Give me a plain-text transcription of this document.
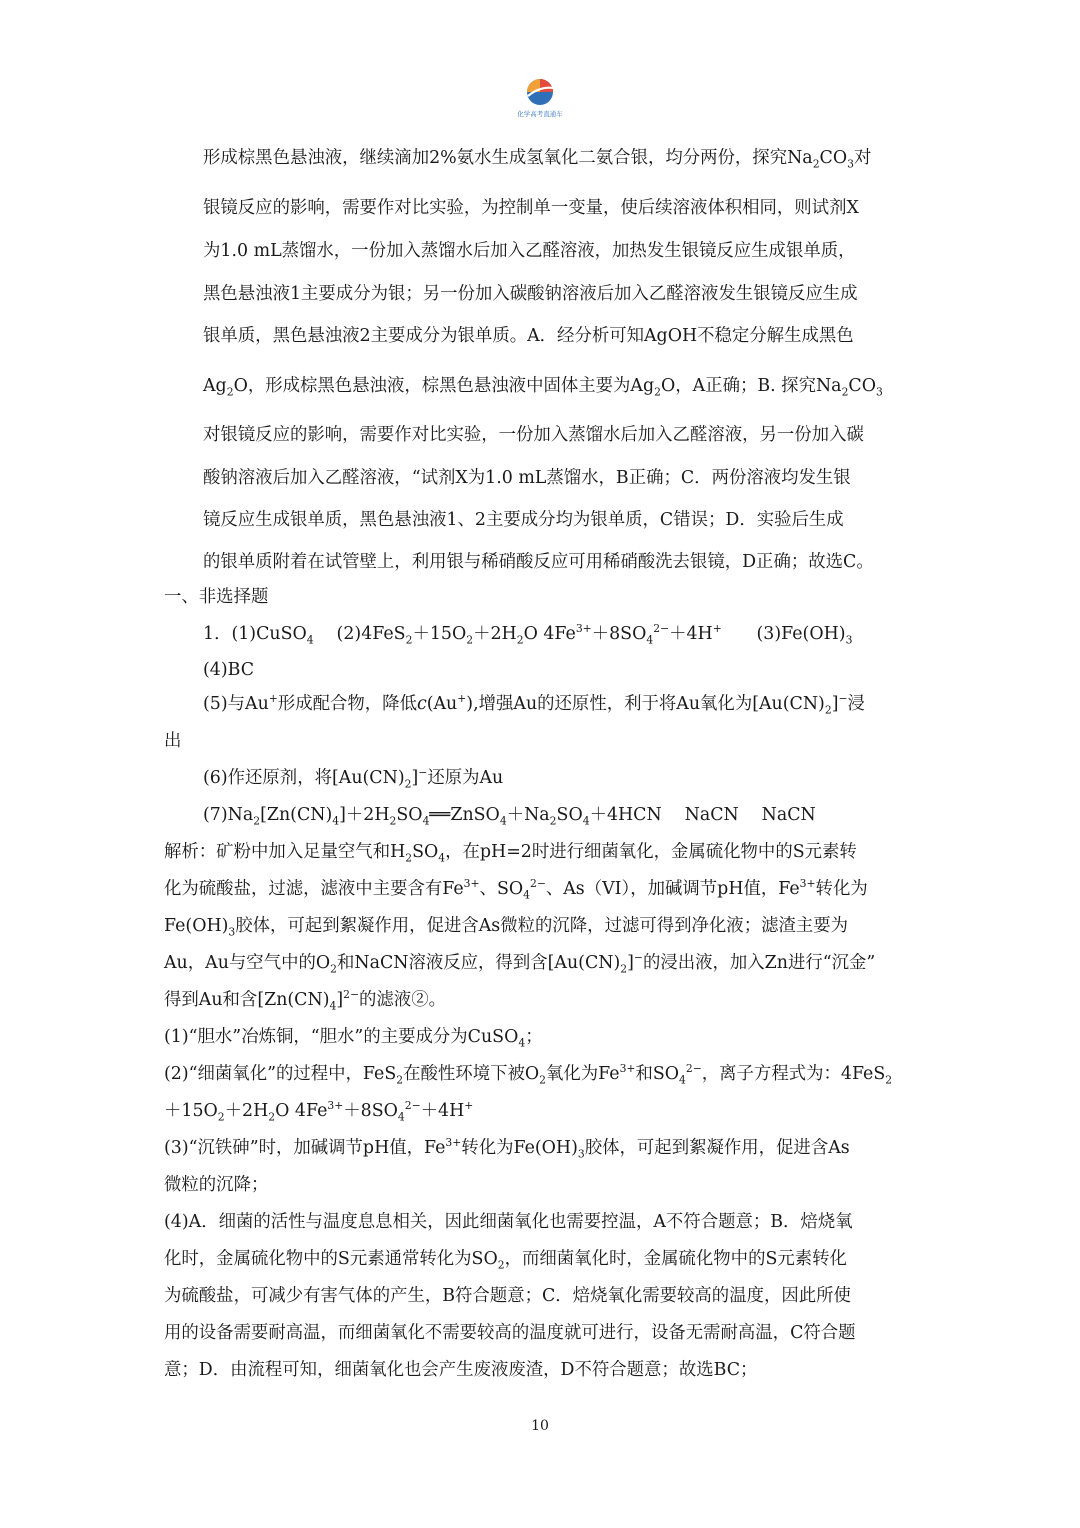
化学高考直通车
形成棕黑色悬浊液，继续滴加2%氨水生成氢氧化二氨合银，均分两份，探究$Na_2CO_3$对
银镜反应的影响，需要作对比实验，为控制单一变量，使后续溶液体积相同，则试剂X
为1.0 mL蒸馏水，一份加入蒸馏水后加入乙醛溶液，加热发生银镜反应生成银单质，
黑色悬浊液1主要成分为银；另一份加入碳酸钠溶液后加入乙醛溶液发生银镜反应生成
银单质，黑色悬浊液2主要成分为银单质。A．经分析可知AgOH不稳定分解生成黑色
$Ag_2O$，形成棕黑色悬浊液，棕黑色悬浊液中固体主要为$Ag_2O$，A正确；B. 探究$Na_2CO_3$
对银镜反应的影响，需要作对比实验，一份加入蒸馏水后加入乙醛溶液，另一份加入碳
酸钠溶液后加入乙醛溶液，“试剂X为1.0 mL蒸馏水，B正确；C．两份溶液均发生银
镜反应生成银单质，黑色悬浊液1、2主要成分均为银单质，C错误；D．实验后生成
的银单质附着在试管壁上，利用银与稀硝酸反应可用稀硝酸洗去银镜，D正确；故选C。
一、非选择题
1．(1)CuSO$_4$　 $(2)4FeS_2+15O_2+2H_2O$ $4Fe^{3+}+8SO_4^{2-}+4H^+$　　$(3)Fe(OH)_3$
(4)BC
(5)与Au+形成配合物，降低c(Au+),增强Au的还原性，利于将Au氧化为$[Au(CN)_2]^-$浸
出
(6)作还原剂，将$[Au(CN)_2]^-$还原为Au
$(7)Na_2[Zn(CN)_4]+2H_2SO_4══ZnSO_4+Na_2SO_4+4HCN$　 NaCN　 NaCN
解析：矿粉中加入足量空气和$H_2SO_4$，在pH=2时进行细菌氧化，金属硫化物中的S元素转
化为硫酸盐，过滤，滤液中主要含有$Fe^{3+}$、$SO_4^{2-}$、As（VI），加碱调节pH值，$Fe^{3+}$转化为
$Fe(OH)_3$胶体，可起到絮凝作用，促进含As微粒的沉降，过滤可得到净化液；滤渣主要为
Au，Au与空气中的$O_2$和NaCN溶液反应，得到含$[Au(CN)_2]^-$的浸出液，加入Zn进行“沉金”
得到Au和含$[Zn(CN)_4]^{2-}$的滤液②。
(1)“胆水”冶炼铜，“胆水”的主要成分为CuSO$_4$；
(2)“细菌氧化”的过程中，FeS$_2$在酸性环境下被$O_2$氧化为$Fe^{3+}$和$SO_4^{2-}$，离子方程式为：4FeS$_2$
$+15O_2+2H_2O$ $4Fe^{3+}+8SO_4^{2-}+4H^+$
(3)“沉铁砷”时，加碱调节pH值，$Fe^{3+}$转化为$Fe(OH)_3$胶体，可起到絮凝作用，促进含As
微粒的沉降；
(4)A．细菌的活性与温度息息相关，因此细菌氧化也需要控温，A不符合题意；B．焙烧氧
化时，金属硫化物中的S元素通常转化为$SO_2$，而细菌氧化时，金属硫化物中的S元素转化
为硫酸盐，可减少有害气体的产生，B符合题意；C．焙烧氧化需要较高的温度，因此所使
用的设备需要耐高温，而细菌氧化不需要较高的温度就可进行，设备无需耐高温，C符合题
意；D．由流程可知，细菌氧化也会产生废液废渣，D不符合题意；故选BC；
10
